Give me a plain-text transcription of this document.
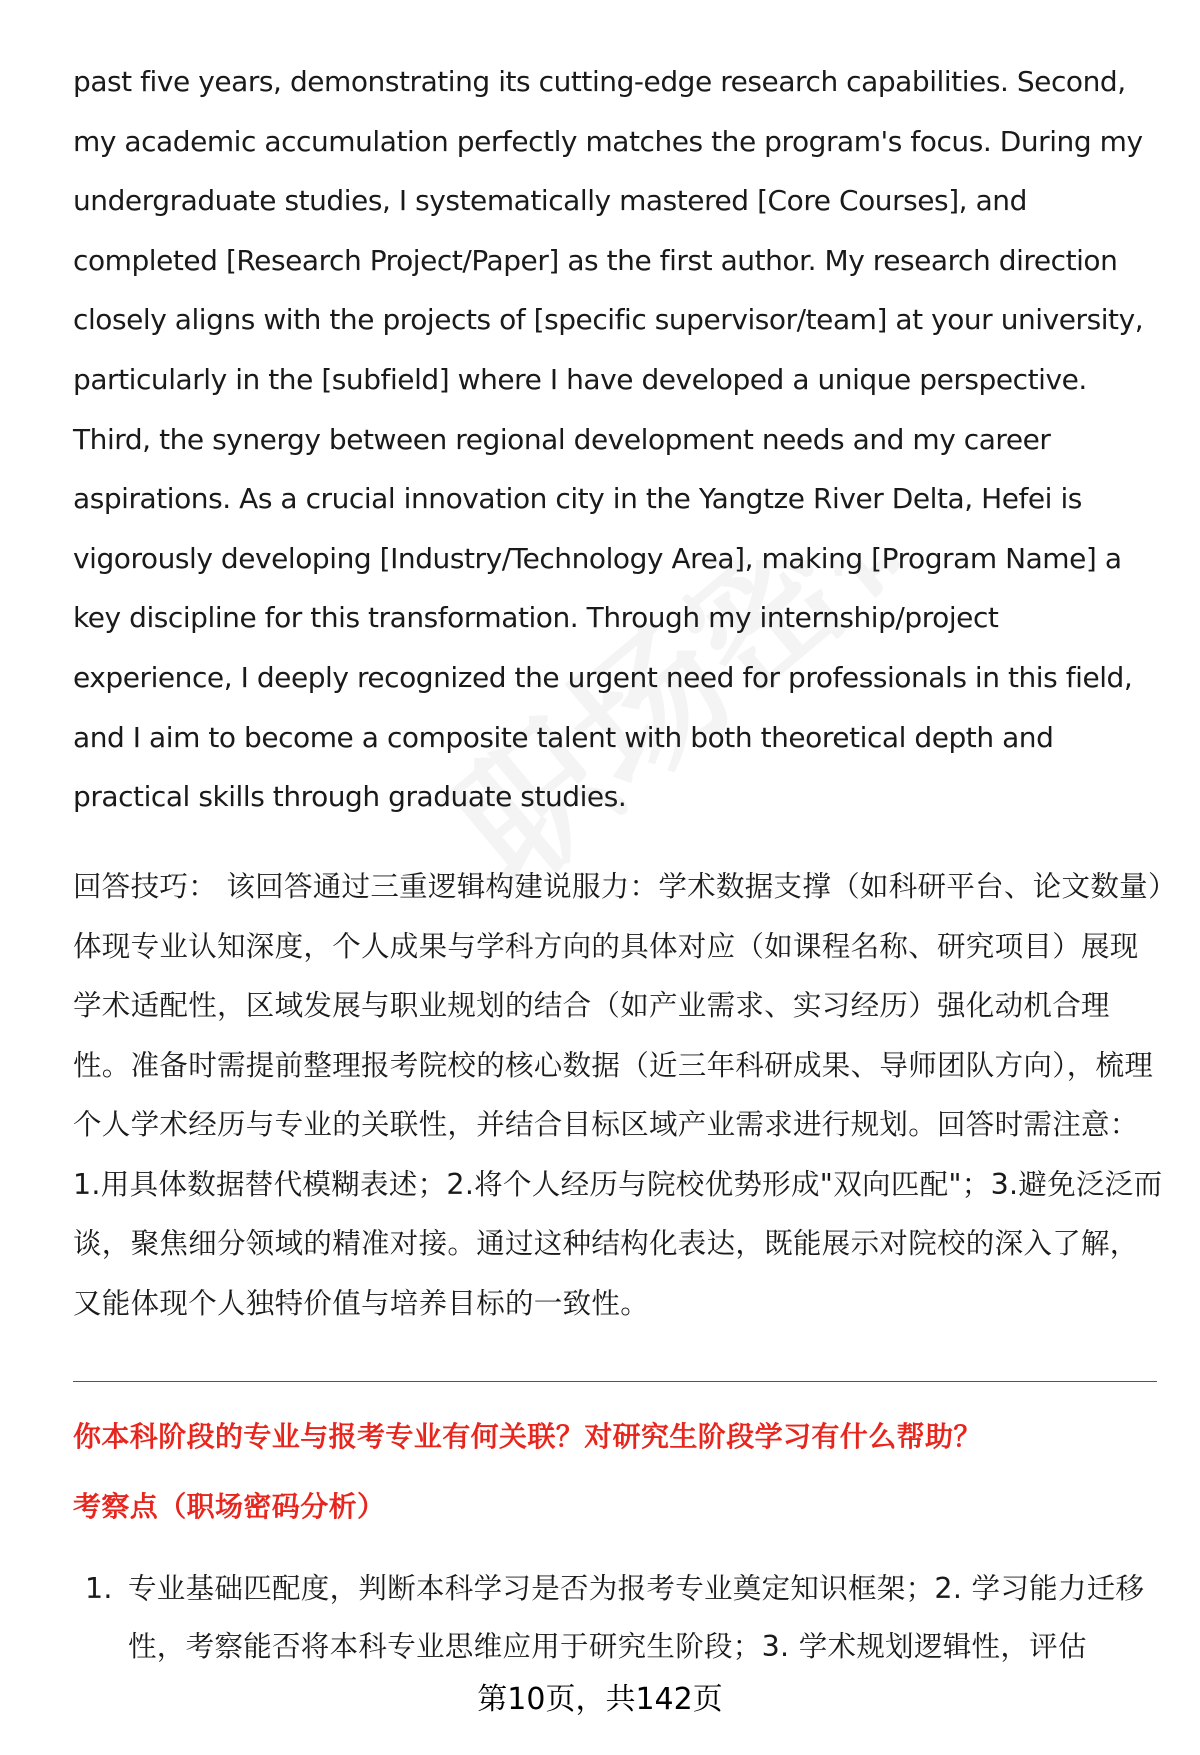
past five years, demonstrating its cutting-edge research capabilities. Second, my academic accumulation perfectly matches the program's focus. During my undergraduate studies, I systematically mastered [Core Courses], and completed [Research Project/Paper] as the first author. My research direction closely aligns with the projects of [specific supervisor/team] at your university, particularly in the [subfield] where I have developed a unique perspective. Third, the synergy between regional development needs and my career aspirations. As a crucial innovation city in the Yangtze River Delta, Hefei is vigorously developing [Industry/Technology Area], making [Program Name] a key discipline for this transformation. Through my internship/project experience, I deeply recognized the urgent need for professionals in this field, and I aim to become a composite talent with both theoretical depth and practical skills through graduate studies.

回答技巧： 该回答通过三重逻辑构建说服力：学术数据支撑（如科研平台、论文数量）体现专业认知深度，个人成果与学科方向的具体对应（如课程名称、研究项目）展现学术适配性，区域发展与职业规划的结合（如产业需求、实习经历）强化动机合理性。准备时需提前整理报考院校的核心数据（近三年科研成果、导师团队方向），梳理个人学术经历与专业的关联性，并结合目标区域产业需求进行规划。回答时需注意：1.用具体数据替代模糊表述；2.将个人经历与院校优势形成"双向匹配"；3.避免泛泛而谈，聚焦细分领域的精准对接。通过这种结构化表达，既能展示对院校的深入了解，又能体现个人独特价值与培养目标的一致性。

你本科阶段的专业与报考专业有何关联？对研究生阶段学习有什么帮助？
考察点（职场密码分析）
1. 专业基础匹配度，判断本科学习是否为报考专业奠定知识框架；2. 学习能力迁移性，考察能否将本科专业思维应用于研究生阶段；3. 学术规划逻辑性，评估
第10页，共142页
